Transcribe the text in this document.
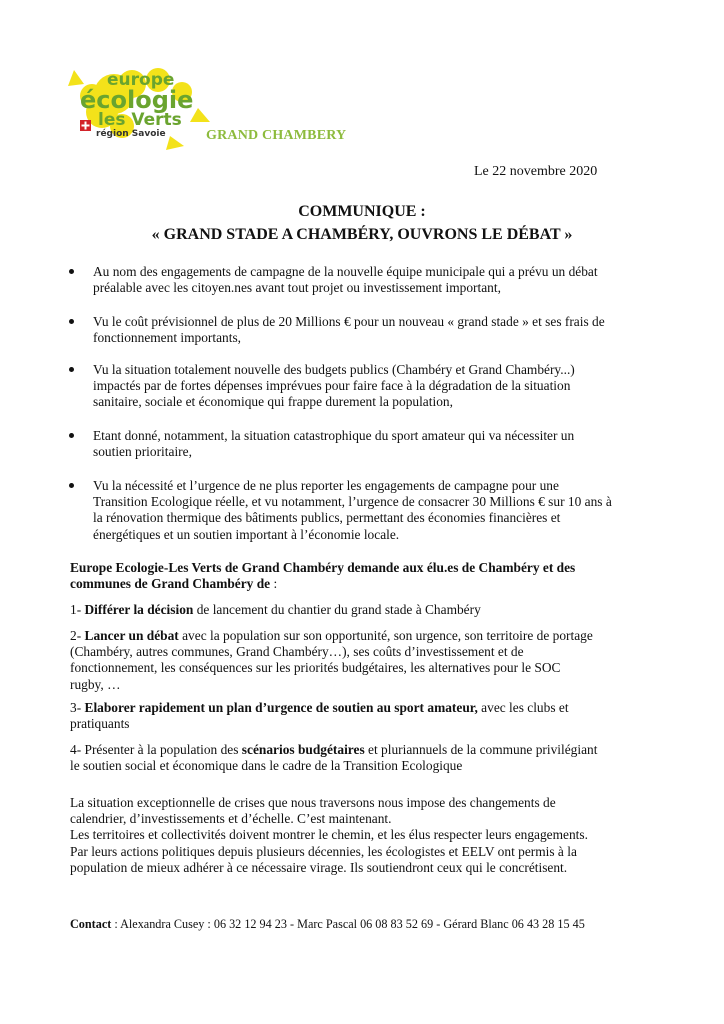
europe
écologie
les Verts
région Savoie	GRAND CHAMBERY
Le 22 novembre 2020
COMMUNIQUE :
« GRAND STADE A CHAMBÉRY, OUVRONS LE DÉBAT »
Au nom des engagements de campagne de la nouvelle équipe municipale qui a prévu un débat
préalable avec les citoyen.nes avant tout projet ou investissement important,
Vu le coût prévisionnel de plus de 20 Millions € pour un nouveau « grand stade » et ses frais de
fonctionnement importants,
Vu la situation totalement nouvelle des budgets publics (Chambéry et Grand Chambéry...)
impactés par de fortes dépenses imprévues pour faire face à la dégradation de la situation
sanitaire, sociale et économique qui frappe durement la population,
Etant donné, notamment, la situation catastrophique du sport amateur qui va nécessiter un
soutien prioritaire,
Vu la nécessité et l’urgence de ne plus reporter les engagements de campagne pour une
Transition Ecologique réelle, et vu notamment, l’urgence de consacrer 30 Millions € sur 10 ans à
la rénovation thermique des bâtiments publics, permettant des économies financières et
énergétiques et un soutien important à l’économie locale.
Europe Ecologie-Les Verts de Grand Chambéry demande aux élu.es de Chambéry et des
communes de Grand Chambéry de :
1- Différer la décision de lancement du chantier du grand stade à Chambéry
2- Lancer un débat avec la population sur son opportunité, son urgence, son territoire de portage
(Chambéry, autres communes, Grand Chambéry…), ses coûts d’investissement et de
fonctionnement, les conséquences sur les priorités budgétaires, les alternatives pour le SOC
rugby, …
3- Elaborer rapidement un plan d’urgence de soutien au sport amateur, avec les clubs et
pratiquants
4- Présenter à la population des scénarios budgétaires et pluriannuels de la commune privilégiant
le soutien social et économique dans le cadre de la Transition Ecologique
La situation exceptionnelle de crises que nous traversons nous impose des changements de
calendrier, d’investissements et d’échelle. C’est maintenant.
Les territoires et collectivités doivent montrer le chemin, et les élus respecter leurs engagements.
Par leurs actions politiques depuis plusieurs décennies, les écologistes et EELV ont permis à la
population de mieux adhérer à ce nécessaire virage. Ils soutiendront ceux qui le concrétisent.
Contact : Alexandra Cusey : 06 32 12 94 23 - Marc Pascal 06 08 83 52 69 - Gérard Blanc 06 43 28 15 45
